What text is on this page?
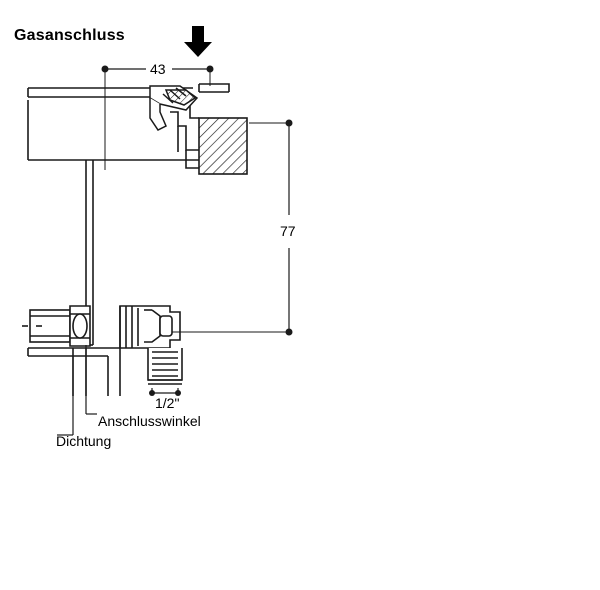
Gasanschluss
43
77
1/2"
Anschlusswinkel
Dichtung
